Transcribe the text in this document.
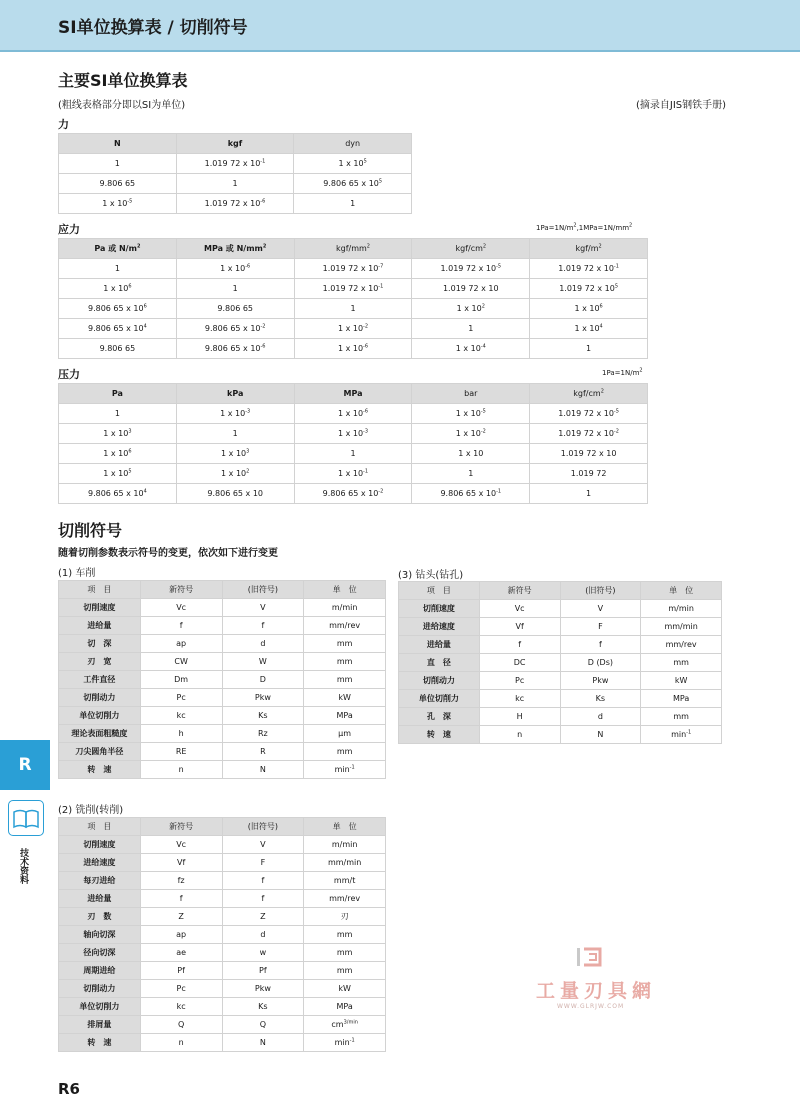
SI单位换算表 / 切削符号
主要SI单位换算表
(粗线表格部分即以SI为单位)	(摘录自JIS钢铁手册)
力
N	kgf	dyn
1	1.019 72 x $10^{-1}$	1 x $10^5$
9.806 65	1	9.806 65 x $10^5$
1 x $10^{-5}$	1.019 72 x $10^{-6}$	1
应力	$1Pa=1N/m^2,1MPa=1N/mm^2$
Pa 或 $N/m^2$	MPa 或 $N/mm^2$	kgf/$mm^2$	kgf/$cm^2$	kgf/$m^2$
1	1 x $10^{-6}$	1.019 72 x $10^{-7}$	1.019 72 x $10^{-5}$	1.019 72 x $10^{-1}$
1 x $10^6$	1	1.019 72 x $10^{-1}$	1.019 72 x 10	1.019 72 x $10^5$
9.806 65 x $10^6$	9.806 65	1	1 x $10^2$	1 x $10^6$
9.806 65 x $10^4$	9.806 65 x $10^{-2}$	1 x $10^{-2}$	1	1 x $10^4$
9.806 65	9.806 65 x $10^{-6}$	1 x $10^{-6}$	1 x $10^{-4}$	1
压力	$1Pa=1N/m^2$
Pa	kPa	MPa	bar	kgf/$cm^2$
1	1 x $10^{-3}$	1 x $10^{-6}$	1 x $10^{-5}$	1.019 72 x $10^{-5}$
1 x $10^3$	1	1 x $10^{-3}$	1 x $10^{-2}$	1.019 72 x $10^{-2}$
1 x $10^6$	1 x $10^3$	1	1 x 10	1.019 72 x 10
1 x $10^5$	1 x $10^2$	1 x $10^{-1}$	1	1.019 72
9.806 65 x $10^4$	9.806 65 x 10	9.806 65 x $10^{-2}$	9.806 65 x $10^{-1}$	1
切削符号
随着切削参数表示符号的变更，依次如下进行变更
(1) 车削
项　目	新符号	(旧符号)	单　位
切削速度	Vc	V	m/min
进给量	f	f	mm/rev
切　深	ap	d	mm
刃　宽	CW	W	mm
工件直径	Dm	D	mm
切削动力	Pc	Pkw	kW
单位切削力	kc	Ks	MPa
理论表面粗糙度	h	Rz	μm
刀尖圆角半径	RE	R	mm
转　速	n	N	$\min^{-1}$
(3) 钻头(钻孔)
项　目	新符号	(旧符号)	单　位
切削速度	Vc	V	m/min
进给速度	Vf	F	mm/min
进给量	f	f	mm/rev
直　径	DC	D (Ds)	mm
切削动力	Pc	Pkw	kW
单位切削力	kc	Ks	MPa
孔　深	H	d	mm
转　速	n	N	$\min^{-1}$
(2) 铣削(转削)
项　目	新符号	(旧符号)	单　位
切削速度	Vc	V	m/min
进给速度	Vf	F	mm/min
每刃进给	fz	f	mm/t
进给量	f	f	mm/rev
刃　数	Z	Z	刃
轴向切深	ap	d	mm
径向切深	ae	w	mm
周期进给	Pf	Pf	mm
切削动力	Pc	Pkw	kW
单位切削力	kc	Ks	MPa
排屑量	Q	Q	$cm^{3/min}$
转　速	n	N	$\min^{-1}$
R
技术资料
R6
工量刃具網
WWW.GLRJW.COM
